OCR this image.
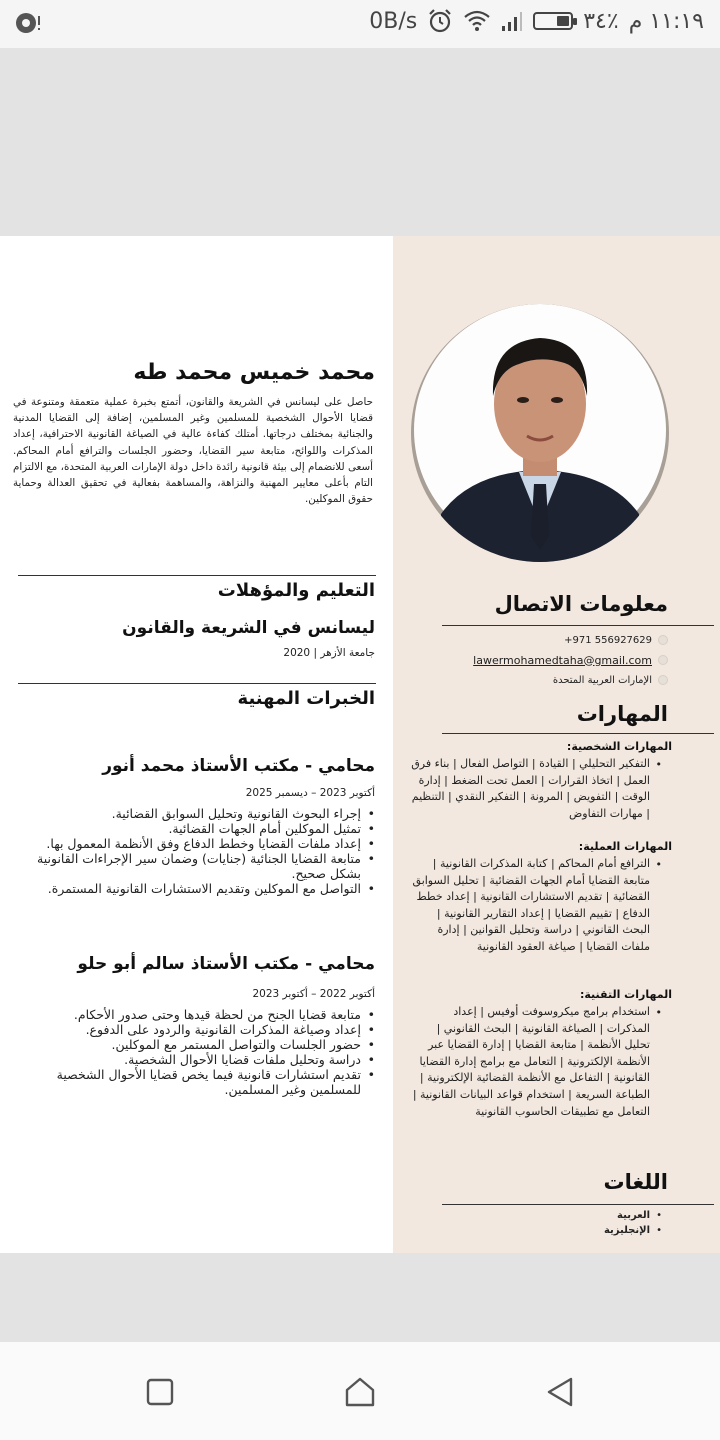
0B/s	٣٤٪ ١١:١٩ م
معلومات الاتصال
+971 556927629
lawermohamedtaha@gmail.com
الإمارات العربية المتحدة
المهارات
المهارات الشخصية:
•
التفكير التحليلي | القيادة | التواصل الفعال | بناء فرق العمل | اتخاذ القرارات | العمل تحت الضغط | إدارة الوقت | التفويض | المرونة | التفكير النقدي | التنظيم | مهارات التفاوض
المهارات العملية:
•
الترافع أمام المحاكم | كتابة المذكرات القانونية | متابعة القضايا أمام الجهات القضائية | تحليل السوابق القضائية | تقديم الاستشارات القانونية | إعداد خطط الدفاع | تقييم القضايا | إعداد التقارير القانونية | البحث القانوني | دراسة وتحليل القوانين | إدارة ملفات القضايا | صياغة العقود القانونية
المهارات التقنية:
•
استخدام برامج ميكروسوفت أوفيس | إعداد المذكرات | الصياغة القانونية | البحث القانوني | تحليل الأنظمة | متابعة القضايا | إدارة القضايا عبر الأنظمة الإلكترونية | التعامل مع برامج إدارة القضايا القانونية | التفاعل مع الأنظمة القضائية الإلكترونية | الطباعة السريعة | استخدام قواعد البيانات القانونية | التعامل مع تطبيقات الحاسوب القانونية
اللغات
•
العربية
•
الإنجليزية
محمد خميس محمد طه
حاصل على ليسانس في الشريعة والقانون، أتمتع بخبرة عملية متعمقة ومتنوعة في قضايا الأحوال الشخصية للمسلمين وغير المسلمين، إضافة إلى القضايا المدنية والجنائية بمختلف درجاتها. أمتلك كفاءة عالية في الصياغة القانونية الاحترافية، إعداد المذكرات واللوائح، متابعة سير القضايا، وحضور الجلسات والترافع أمام المحاكم. أسعى للانضمام إلى بيئة قانونية رائدة داخل دولة الإمارات العربية المتحدة، مع الالتزام التام بأعلى معايير المهنية والنزاهة، والمساهمة بفعالية في تحقيق العدالة وحماية حقوق الموكلين.
التعليم والمؤهلات
ليسانس في الشريعة والقانون
جامعة الأزهر | 2020
الخبرات المهنية
محامي - مكتب الأستاذ محمد أنور
أكتوبر 2023 – ديسمبر 2025
• إجراء البحوث القانونية وتحليل السوابق القضائية.
• تمثيل الموكلين أمام الجهات القضائية.
• إعداد ملفات القضايا وخطط الدفاع وفق الأنظمة المعمول بها.
• متابعة القضايا الجنائية (جنايات) وضمان سير الإجراءات القانونية بشكل صحيح.
• التواصل مع الموكلين وتقديم الاستشارات القانونية المستمرة.
محامي - مكتب الأستاذ سالم أبو حلو
أكتوبر 2022 – أكتوبر 2023
• متابعة قضايا الجنح من لحظة قيدها وحتى صدور الأحكام.
• إعداد وصياغة المذكرات القانونية والردود على الدفوع.
• حضور الجلسات والتواصل المستمر مع الموكلين.
• دراسة وتحليل ملفات قضايا الأحوال الشخصية.
• تقديم استشارات قانونية فيما يخص قضايا الأحوال الشخصية للمسلمين وغير المسلمين.
